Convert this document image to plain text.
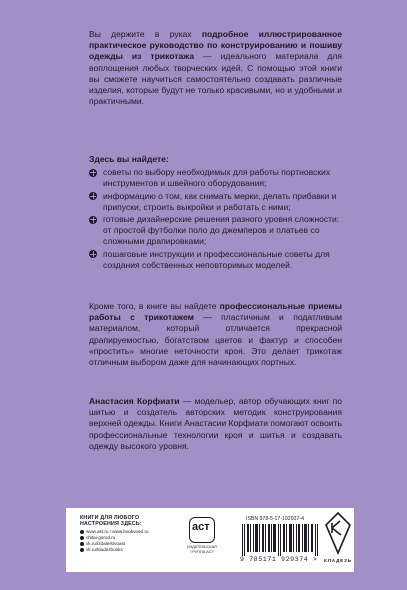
Вы держите в руках подробное иллюстрированное практическое руководство по конструированию и пошиву одежды из трикотажа — идеального материала для воплощения любых творческих идей. С помощью этой книги вы сможете научиться самостоятельно создавать различные изделия, которые будут не только красивыми, но и удобными и практичными.
Здесь вы найдете:
советы по выбору необходимых для работы портновских инструментов и швейного оборудования;
информацию о том, как снимать мерки, делать прибавки и припуски, строить выкройки и работать с ними;
готовые дизайнерские решения разного уровня сложности: от простой футболки поло до джемперов и платьев со сложными драпировками;
пошаговые инструкции и профессиональные советы для создания собственных неповторимых моделей.
Кроме того, в книге вы найдете профессиональные приемы работы с трикотажем — пластичным и податливым материалом, который отличается прекрасной драпируемостью, богатством цветов и фактур и способен «простить» многие неточности кроя. Это делает трикотаж отличным выбором даже для начинающих портных.
Анастасия Корфиати — модельер, автор обучающих книг по шитью и создатель авторских методик конструирования верхней одежды. Книги Анастасии Корфиати помогают освоить профессиональные технологии кроя и шитья и создавать одежду высокого уровня.
КНИГИ ДЛЯ ЛЮБОГО
НАСТРОЕНИЯ ЗДЕСЬ:
www.ast.ru / www.bookvoed.ru
chitai-gorod.ru
vk.ru/izdatelstvoast
vk.ru/kladezbooks
аст
ИЗДАТЕЛЬСКАЯ
ГРУППА АСТ
ISBN 978-5-17-192937-4
9 785171 929374 > КЛАДЕЗЬ
